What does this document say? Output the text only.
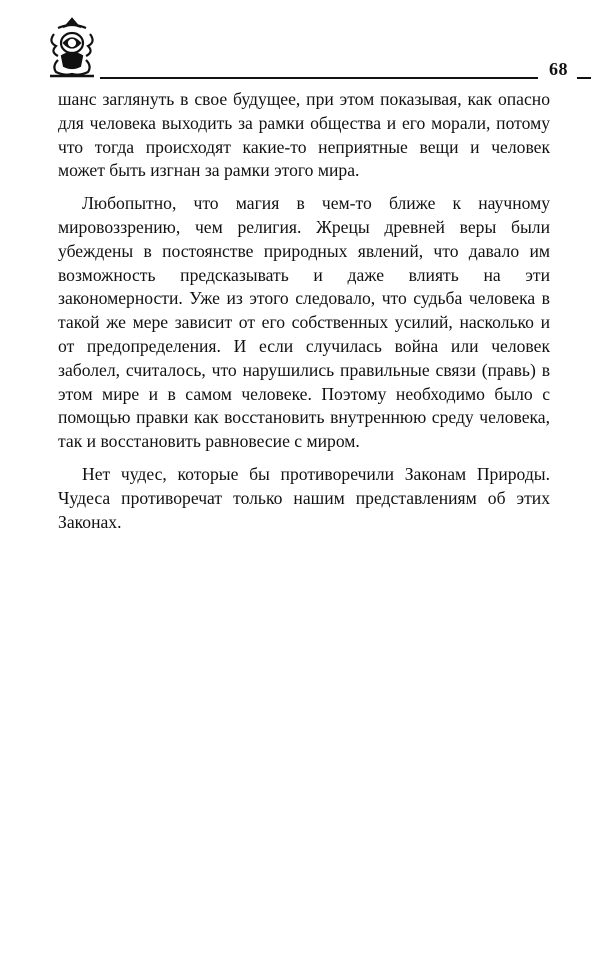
68

шанс заглянуть в свое будущее, при этом показывая, как опасно для человека выходить за рамки общества и его морали, потому что тогда происходят какие-то неприятные вещи и человек может быть изгнан за рамки этого мира.

Любопытно, что магия в чем-то ближе к научному мировоззрению, чем религия. Жрецы древней веры были убеждены в постоянстве природных явлений, что давало им возможность предсказывать и даже влиять на эти закономерности. Уже из этого следовало, что судьба человека в такой же мере зависит от его собственных усилий, насколько и от предопределения. И если случилась война или человек заболел, считалось, что нарушились правильные связи (правь) в этом мире и в самом человеке. Поэтому необходимо было с помощью правки как восстановить внутреннюю среду человека, так и восстановить равновесие с миром.

Нет чудес, которые бы противоречили Законам Природы. Чудеса противоречат только нашим представлениям об этих Законах.
